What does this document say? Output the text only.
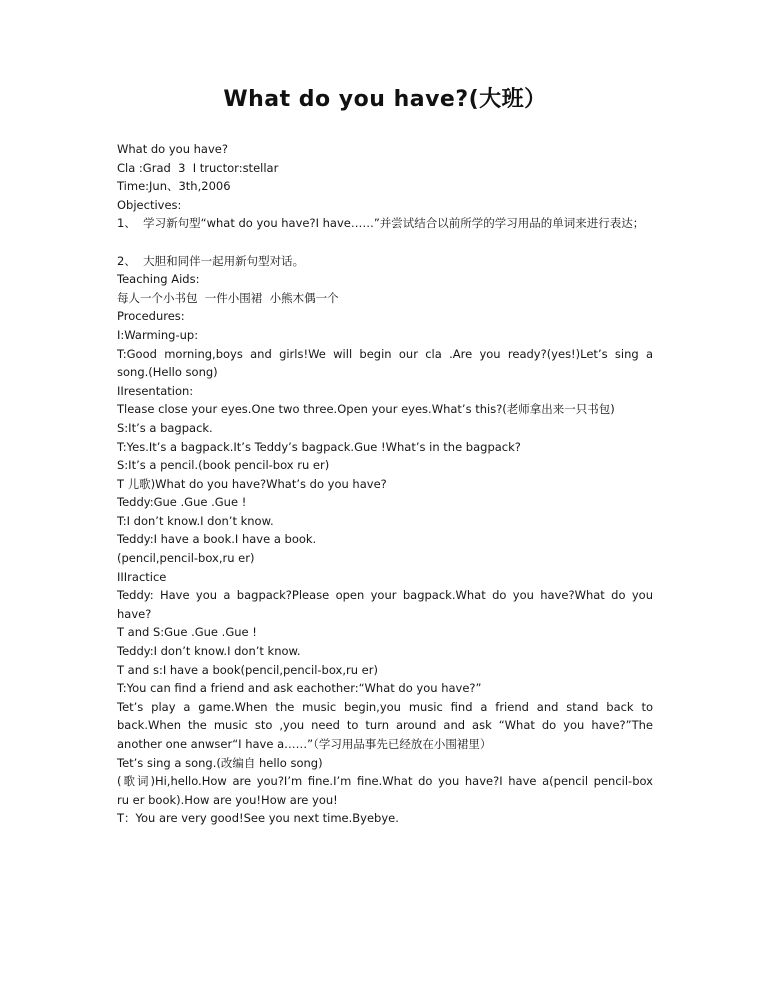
What do you have?(大班）
What do you have?
Cla :Grad  3  I tructor:stellar
Time:Jun、3th,2006
Objectives:
1、  学习新句型“what do you have?I have……”并尝试结合以前所学的学习用品的单词来进行表达；

2、  大胆和同伴一起用新句型对话。
Teaching Aids:
每人一个小书包  一件小围裙  小熊木偶一个
Procedures:
I:Warming-up:
T:Good morning,boys and girls!We will begin our cla .Are you ready?(yes!)Let’s sing a
song.(Hello song)
IIresentation:
Tlease close your eyes.One two three.Open your eyes.What’s this?(老师拿出来一只书包)
S:It’s a bagpack.
T:Yes.It’s a bagpack.It’s Teddy’s bagpack.Gue !What’s in the bagpack?
S:It’s a pencil.(book pencil-box ru er)
T 儿歌)What do you have?What’s do you have?
Teddy:Gue .Gue .Gue !
T:I don’t know.I don’t know.
Teddy:I have a book.I have a book.
(pencil,pencil-box,ru er)
IIIractice
Teddy: Have you a bagpack?Please open your bagpack.What do you have?What do you
have?
T and S:Gue .Gue .Gue !
Teddy:I don’t know.I don’t know.
T and s:I have a book(pencil,pencil-box,ru er)
T:You can find a friend and ask eachother:“What do you have?”
Tet’s play a game.When the music begin,you music find a friend and stand back to
back.When the music sto ,you need to turn around and ask “What do you have?”The
another one anwser“I have a……”（学习用品事先已经放在小围裙里）
Tet’s sing a song.(改编自 hello song)
(歌词)Hi,hello.How are you?I’m fine.I’m fine.What do you have?I have a(pencil pencil-box
ru er book).How are you!How are you!
T：You are very good!See you next time.Byebye.
